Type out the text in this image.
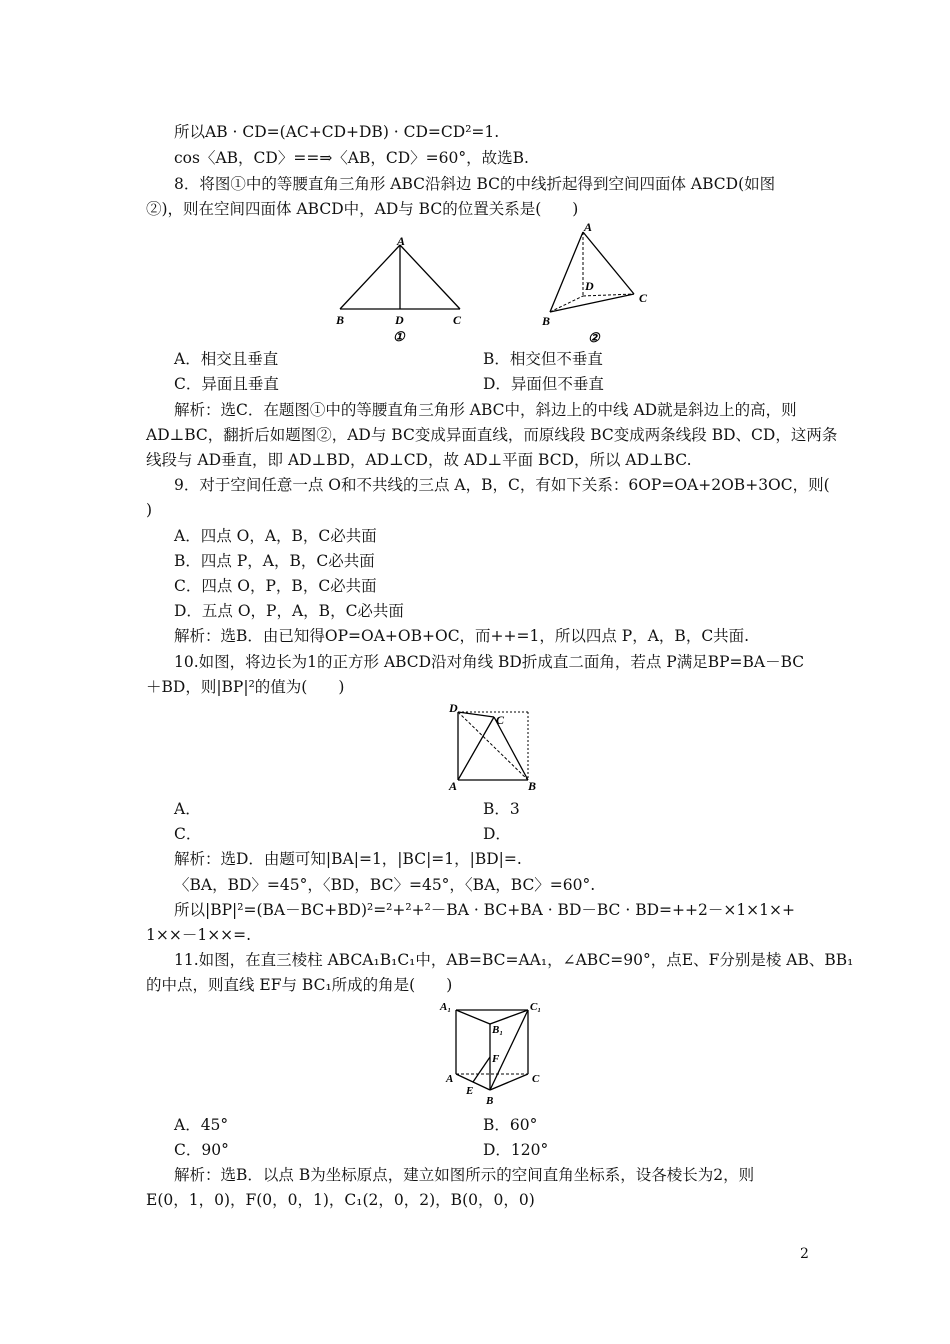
所以AB · CD=(AC+CD+DB) · CD=CD²=1.
cos〈AB，CD〉==⇒〈AB，CD〉=60°，故选B.
8．将图①中的等腰直角三角形 ABC沿斜边 BC的中线折起得到空间四面体 ABCD(如图
②)，则在空间四面体 ABCD中，AD与 BC的位置关系是(　　)
A
B	D	C
①
A
D
C
B
②
A．相交且垂直	B．相交但不垂直
C．异面且垂直	D．异面但不垂直
解析：选C．在题图①中的等腰直角三角形 ABC中，斜边上的中线 AD就是斜边上的高，则
AD⊥BC，翻折后如题图②，AD与 BC变成异面直线，而原线段 BC变成两条线段 BD、CD，这两条
线段与 AD垂直，即 AD⊥BD，AD⊥CD，故 AD⊥平面 BCD，所以 AD⊥BC.
9．对于空间任意一点 O和不共线的三点 A，B，C，有如下关系：6OP=OA+2OB+3OC，则(
)
A．四点 O，A，B，C必共面
B．四点 P，A，B，C必共面
C．四点 O，P，B，C必共面
D．五点 O，P，A，B，C必共面
解析：选B．由已知得OP=OA+OB+OC，而++=1，所以四点 P，A，B，C共面.
10.如图，将边长为1的正方形 ABCD沿对角线 BD折成直二面角，若点 P满足BP=BA－BC
＋BD，则|BP|²的值为(　　)
D
C
A	B
A．	B．3
C．	D．
解析：选D．由题可知|BA|=1，|BC|=1，|BD|=.
〈BA，BD〉=45°，〈BD，BC〉=45°，〈BA，BC〉=60°.
所以|BP|²=(BA－BC+BD)²=²+²+²－BA · BC+BA · BD－BC · BD=++2－×1×1×+
1××－1××=.
11.如图，在直三棱柱 ABCA₁B₁C₁中，AB=BC=AA₁，∠ABC=90°，点E、F分别是棱 AB、BB₁
的中点，则直线 EF与 BC₁所成的角是(　　)
A₁	C₁
B₁
F
A	C
E
B
A．45°	B．60°
C．90°	D．120°
解析：选B．以点 B为坐标原点，建立如图所示的空间直角坐标系，设各棱长为2，则
E(0，1，0)，F(0，0，1)，C₁(2，0，2)，B(0，0，0)
2
